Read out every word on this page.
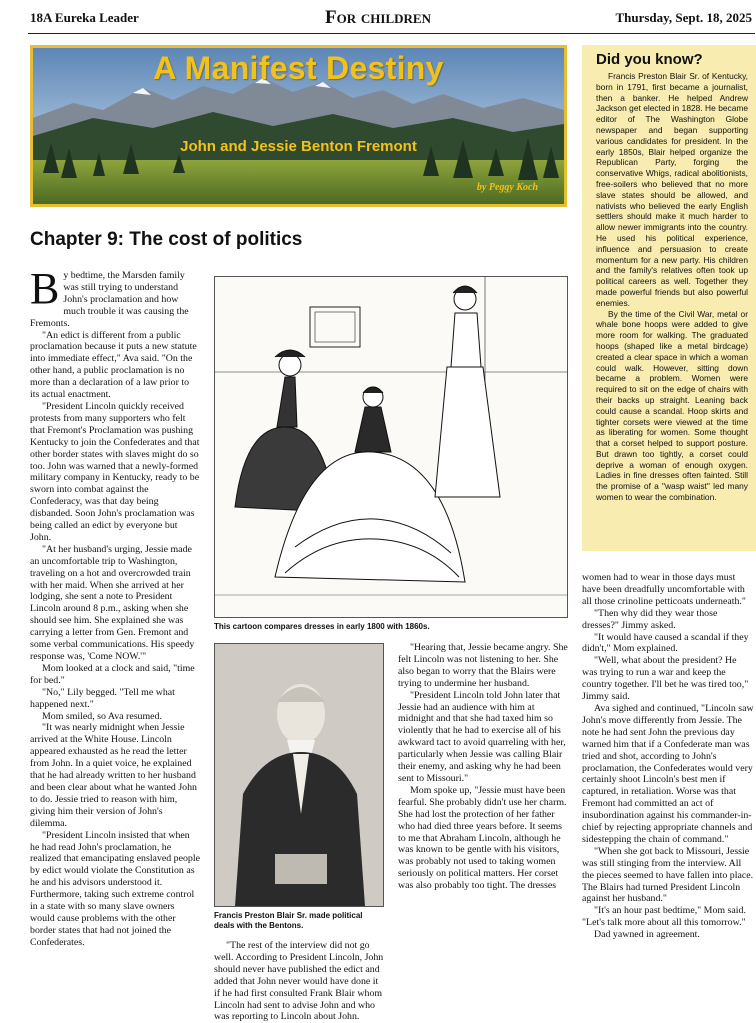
18A Eureka Leader	For children	Thursday, Sept. 18, 2025
A Manifest Destiny
John and Jessie Benton Fremont
by Peggy Koch
Did you know?

Francis Preston Blair Sr. of Kentucky, born in 1791, first became a journalist, then a banker. He helped Andrew Jackson get elected in 1828. He became editor of The Washington Globe newspaper and began supporting various candidates for president. In the early 1850s, Blair helped organize the Republican Party, forging the conservative Whigs, radical abolitionists, free-soilers who believed that no more slave states should be allowed, and nativists who believed the early English settlers should make it much harder to allow newer immigrants into the country. He used his political experience, influence and persuasion to create momentum for a new party. His children and the family's relatives often took up political careers as well. Together they made powerful friends but also powerful enemies.

By the time of the Civil War, metal or whale bone hoops were added to give more room for walking. The graduated hoops (shaped like a metal birdcage) created a clear space in which a woman could walk. However, sitting down became a problem. Women were required to sit on the edge of chairs with their backs up straight. Leaning back could cause a scandal. Hoop skirts and tighter corsets were viewed at the time as liberating for women. Some thought that a corset helped to support posture. But drawn too tightly, a corset could deprive a woman of enough oxygen. Ladies in fine dresses often fainted. Still the promise of a "wasp waist" led many women to wear the combination.

Chapter 9: The cost of politics

By bedtime, the Marsden family was still trying to understand John's proclamation and how much trouble it was causing the Fremonts.

"An edict is different from a public proclamation because it puts a new statute into immediate effect," Ava said. "On the other hand, a public proclamation is no more than a declaration of a law prior to its actual enactment.

"President Lincoln quickly received protests from many supporters who felt that Fremont's Proclamation was pushing Kentucky to join the Confederates and that other border states with slaves might do so too. John was warned that a newly-formed military company in Kentucky, ready to be sworn into combat against the Confederacy, was that day being disbanded. Soon John's proclamation was being called an edict by everyone but John.

"At her husband's urging, Jessie made an uncomfortable trip to Washington, traveling on a hot and overcrowded train with her maid. When she arrived at her lodging, she sent a note to President Lincoln around 8 p.m., asking when she should see him. She explained she was carrying a letter from Gen. Fremont and some verbal communications. His speedy response was, 'Come NOW.'"

Mom looked at a clock and said, "time for bed."

"No," Lily begged. "Tell me what happened next."

Mom smiled, so Ava resumed.

"It was nearly midnight when Jessie arrived at the White House. Lincoln appeared exhausted as he read the letter from John. In a quiet voice, he explained that he had already written to her husband and been clear about what he wanted John to do. Jessie tried to reason with him, giving him their version of John's dilemma.

"President Lincoln insisted that when he had read John's proclamation, he realized that emancipating enslaved people by edict would violate the Constitution as he and his advisors understood it. Furthermore, taking such extreme control in a state with so many slave owners would cause problems with the other border states that had not joined the Confederates.

This cartoon compares dresses in early 1800 with 1860s.
Francis Preston Blair Sr. made political deals with the Bentons.

"The rest of the interview did not go well. According to President Lincoln, John should never have published the edict and added that John never would have done it if he had first consulted Frank Blair whom Lincoln had sent to advise John and who was reporting to Lincoln about John.

"Hearing that, Jessie became angry. She felt Lincoln was not listening to her. She also began to worry that the Blairs were trying to undermine her husband.

"President Lincoln told John later that Jessie had an audience with him at midnight and that she had taxed him so violently that he had to exercise all of his awkward tact to avoid quarreling with her, particularly when Jessie was calling Blair their enemy, and asking why he had been sent to Missouri."

Mom spoke up, "Jessie must have been fearful. She probably didn't use her charm. She had lost the protection of her father who had died three years before. It seems to me that Abraham Lincoln, although he was known to be gentle with his visitors, was probably not used to taking women seriously on political matters. Her corset was also probably too tight. The dresses

women had to wear in those days must have been dreadfully uncomfortable with all those crinoline petticoats underneath."

"Then why did they wear those dresses?" Jimmy asked.

"It would have caused a scandal if they didn't," Mom explained.

"Well, what about the president? He was trying to run a war and keep the country together. I'll bet he was tired too," Jimmy said.

Ava sighed and continued, "Lincoln saw John's move differently from Jessie. The note he had sent John the previous day warned him that if a Confederate man was tried and shot, according to John's proclamation, the Confederates would very certainly shoot Lincoln's best men if captured, in retaliation. Worse was that Fremont had committed an act of insubordination against his commander-in-chief by rejecting appropriate channels and sidestepping the chain of command."

"When she got back to Missouri, Jessie was still stinging from the interview. All the pieces seemed to have fallen into place. The Blairs had turned President Lincoln against her husband."

"It's an hour past bedtime," Mom said. "Let's talk more about all this tomorrow."

Dad yawned in agreement.
